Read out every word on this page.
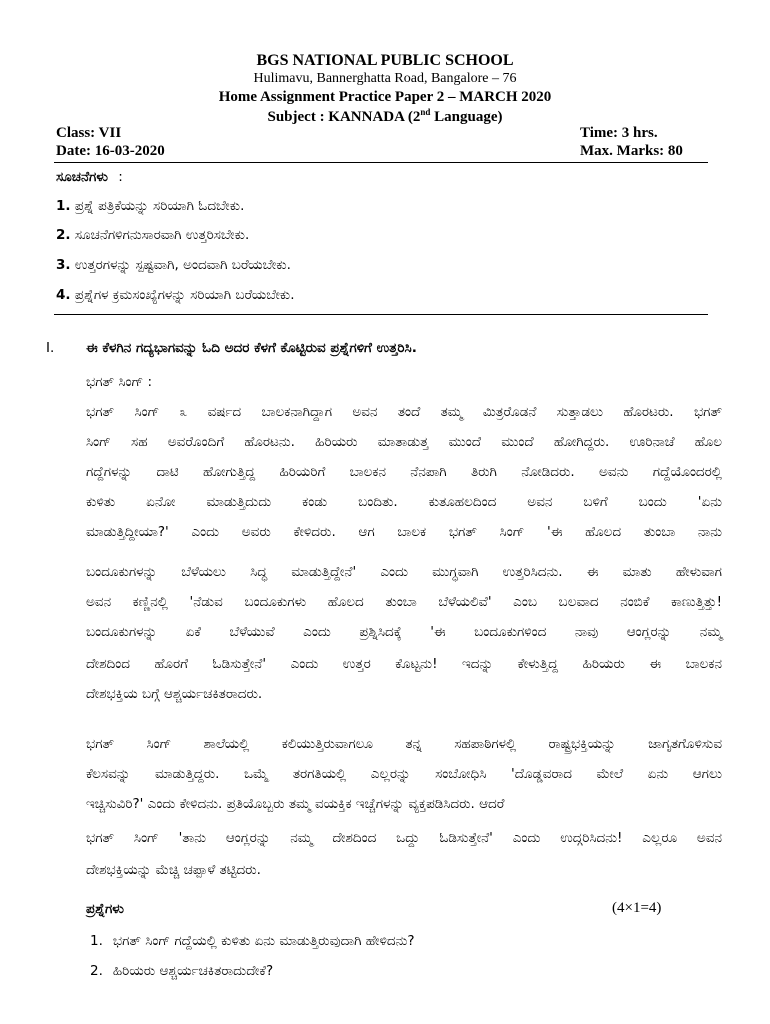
BGS NATIONAL PUBLIC SCHOOL
Hulimavu, Bannerghatta Road, Bangalore – 76
Home Assignment Practice Paper 2 – MARCH 2020
Subject : KANNADA (2nd Language)
Class: VII
Date: 16-03-2020
Time: 3 hrs.
Max. Marks: 80
ಸೂಚನೆಗಳು :
1. ಪ್ರಶ್ನೆ ಪತ್ರಿಕೆಯನ್ನು ಸರಿಯಾಗಿ ಓದಬೇಕು.
2. ಸೂಚನೆಗಳಿಗನುಸಾರವಾಗಿ ಉತ್ತರಿಸಬೇಕು.
3. ಉತ್ತರಗಳನ್ನು ಸ್ಪಷ್ಟವಾಗಿ, ಅಂದವಾಗಿ ಬರೆಯಬೇಕು.
4. ಪ್ರಶ್ನೆಗಳ ಕ್ರಮಸಂಖ್ಯೆಗಳನ್ನು ಸರಿಯಾಗಿ ಬರೆಯಬೇಕು.
I. ಈ ಕೆಳಗಿನ ಗದ್ಯಭಾಗವನ್ನು ಓದಿ ಅದರ ಕೆಳಗೆ ಕೊಟ್ಟಿರುವ ಪ್ರಶ್ನೆಗಳಿಗೆ ಉತ್ತರಿಸಿ.
ಭಗತ್ ಸಿಂಗ್ :
ಭಗತ್ ಸಿಂಗ್ ೩ ವರ್ಷದ ಬಾಲಕನಾಗಿದ್ದಾಗ ಅವನ ತಂದೆ ತಮ್ಮ ಮಿತ್ರರೊಡನೆ ಸುತ್ತಾಡಲು ಹೊರಟರು. ಭಗತ್
ಸಿಂಗ್ ಸಹ ಅವರೊಂದಿಗೆ ಹೊರಟನು. ಹಿರಿಯರು ಮಾತಾಡುತ್ತ ಮುಂದೆ ಮುಂದೆ ಹೋಗಿದ್ದರು. ಊರಿನಾಚೆ ಹೊಲ
ಗದ್ದೆಗಳನ್ನು ದಾಟಿ ಹೋಗುತ್ತಿದ್ದ ಹಿರಿಯರಿಗೆ ಬಾಲಕನ ನೆನಪಾಗಿ ತಿರುಗಿ ನೋಡಿದರು. ಅವನು ಗದ್ದೆಯೊಂದರಲ್ಲಿ
ಕುಳಿತು ಏನೋ ಮಾಡುತ್ತಿದುದು ಕಂಡು ಬಂದಿತು. ಕುತೂಹಲದಿಂದ ಅವನ ಬಳಿಗೆ ಬಂದು 'ಏನು
ಮಾಡುತ್ತಿದ್ದೀಯಾ?' ಎಂದು ಅವರು ಕೇಳಿದರು. ಆಗ ಬಾಲಕ ಭಗತ್ ಸಿಂಗ್ 'ಈ ಹೊಲದ ತುಂಬಾ ನಾನು
ಬಂದೂಕುಗಳನ್ನು ಬೆಳೆಯಲು ಸಿದ್ಧ ಮಾಡುತ್ತಿದ್ದೇನೆ' ಎಂದು ಮುಗ್ಧವಾಗಿ ಉತ್ತರಿಸಿದನು. ಈ ಮಾತು ಹೇಳುವಾಗ
ಅವನ ಕಣ್ಣಿನಲ್ಲಿ 'ನೆಡುವ ಬಂದೂಕುಗಳು ಹೊಲದ ತುಂಬಾ ಬೆಳೆಯಲಿವೆ' ಎಂಬ ಬಲವಾದ ನಂಬಿಕೆ ಕಾಣುತ್ತಿತ್ತು!
ಬಂದೂಕುಗಳನ್ನು ಏಕೆ ಬೆಳೆಯುವೆ ಎಂದು ಪ್ರಶ್ನಿಸಿದಕ್ಕೆ 'ಈ ಬಂದೂಕುಗಳಿಂದ ನಾವು ಆಂಗ್ಲರನ್ನು ನಮ್ಮ
ದೇಶದಿಂದ ಹೊರಗೆ ಓಡಿಸುತ್ತೇನೆ' ಎಂದು ಉತ್ತರ ಕೊಟ್ಟನು! ಇದನ್ನು ಕೇಳುತ್ತಿದ್ದ ಹಿರಿಯರು ಈ ಬಾಲಕನ
ದೇಶಭಕ್ತಿಯ ಬಗ್ಗೆ ಆಶ್ಚರ್ಯಚಕಿತರಾದರು.
ಭಗತ್ ಸಿಂಗ್ ಶಾಲೆಯಲ್ಲಿ ಕಲಿಯುತ್ತಿರುವಾಗಲೂ ತನ್ನ ಸಹಪಾಠಿಗಳಲ್ಲಿ ರಾಷ್ಟ್ರಭಕ್ತಿಯನ್ನು ಜಾಗೃತಗೊಳಿಸುವ
ಕೆಲಸವನ್ನು ಮಾಡುತ್ತಿದ್ದರು. ಒಮ್ಮೆ ತರಗತಿಯಲ್ಲಿ ಎಲ್ಲರನ್ನು ಸಂಬೋಧಿಸಿ 'ದೊಡ್ಡವರಾದ ಮೇಲೆ ಏನು ಆಗಲು
ಇಚ್ಚಿಸುವಿರಿ?' ಎಂದು ಕೇಳಿದನು. ಪ್ರತಿಯೊಬ್ಬರು ತಮ್ಮ ವಯಕ್ತಿಕ ಇಚ್ಚೆಗಳನ್ನು ವ್ಯಕ್ತಪಡಿಸಿದರು. ಆದರೆ
ಭಗತ್ ಸಿಂಗ್ 'ತಾನು ಆಂಗ್ಲರನ್ನು ನಮ್ಮ ದೇಶದಿಂದ ಒದ್ದು ಓಡಿಸುತ್ತೇನೆ' ಎಂದು ಉದ್ಗರಿಸಿದನು! ಎಲ್ಲರೂ ಅವನ
ದೇಶಭಕ್ತಿಯನ್ನು ಮೆಚ್ಚಿ ಚಪ್ಪಾಳೆ ತಟ್ಟಿದರು.
ಪ್ರಶ್ನೆಗಳು	(4×1=4)
1. ಭಗತ್ ಸಿಂಗ್ ಗದ್ದೆಯಲ್ಲಿ ಕುಳಿತು ಏನು ಮಾಡುತ್ತಿರುವುದಾಗಿ ಹೇಳಿದನು?
2. ಹಿರಿಯರು ಆಶ್ಚರ್ಯಚಕಿತರಾದುದೇಕೆ?
